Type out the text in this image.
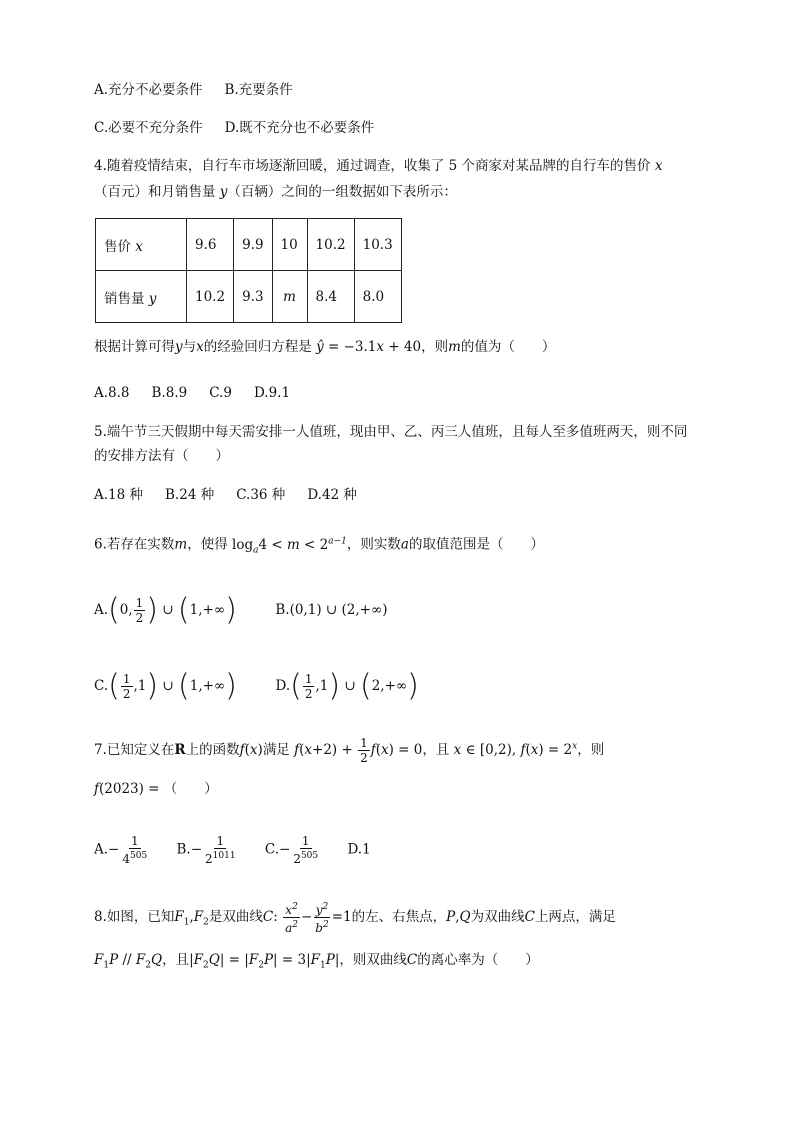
A.充分不必要条件 B.充要条件
C.必要不充分条件 D.既不充分也不必要条件
4.随着疫情结束，自行车市场逐渐回暖，通过调查，收集了 5 个商家对某品牌的自行车的售价 x
（百元）和月销售量 y（百辆）之间的一组数据如下表所示：
售价 x	9.6	9.9	10	10.2	10.3
销售量 y	10.2	9.3	m	8.4	8.0
根据计算可得y与x的经验回归方程是 ŷ = −3.1x + 40，则m的值为（　　）
A.8.8 B.8.9 C.9 D.9.1
5.端午节三天假期中每天需安排一人值班，现由甲、乙、丙三人值班，且每人至多值班两天，则不同
的安排方法有（　　）
A.18 种 B.24 种 C.36 种 D.42 种
6.若存在实数m，使得 $\log_a4 < m < 2^{a-1}$，则实数a的取值范围是（　　）
A.(0, $\frac{1}{2}$ ) ∪ (1,+∞)	B.(0,1) ∪ (2,+∞)
$C.( \frac{1}{2} ,1)$ ∪ (1,+∞)	$D.( \frac{1}{2} ,1)$ ∪ (2,+∞)
7.已知定义在R上的函数f(x)满足 $f(x+2) + \frac{1}{2} f(x) = 0$，且 x ∈ [0,2), $f(x) = 2^x$，则
f(2023) = （　　）
$A.- \frac{1}{4^{505}} B.- \frac{1}{2^{1011}} C.- \frac{1}{2^{505}} D.1$
8.如图，已知$F_1,F_2$是双曲线C: $\frac{x^2}{a^2} - \frac{y^2}{b^2} =1$的左、右焦点，P,Q为双曲线C上两点，满足
$F_1P // F_2Q$，且$|F_2Q| = |F_2P| = 3|F_1P|$，则双曲线C的离心率为（　　）
